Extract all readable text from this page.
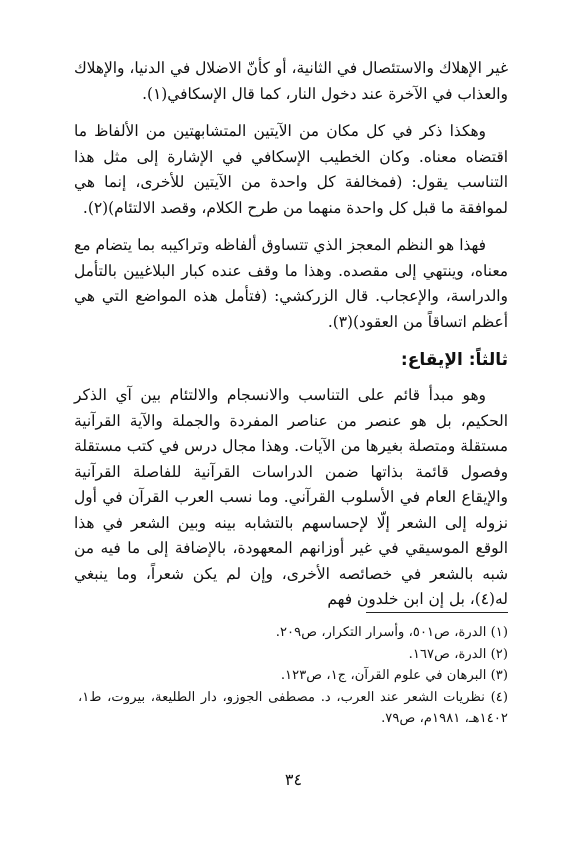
غير الإهلاك والاستئصال في الثانية، أو كأنّ الاضلال في الدنيا، والإهلاك والعذاب في الآخرة عند دخول النار، كما قال الإسكافي(١).

وهكذا ذكر في كل مكان من الآيتين المتشابهتين من الألفاظ ما اقتضاه معناه. وكان الخطيب الإسكافي في الإشارة إلى مثل هذا التناسب يقول: (فمخالفة كل واحدة من الآيتين للأخرى، إنما هي لموافقة ما قبل كل واحدة منهما من طرح الكلام، وقصد الالتئام)(٢).

فهذا هو النظم المعجز الذي تتساوق ألفاظه وتراكيبه بما يتضام مع معناه، وينتهي إلى مقصده. وهذا ما وقف عنده كبار البلاغيين بالتأمل والدراسة، والإعجاب. قال الزركشي: (فتأمل هذه المواضع التي هي أعظم اتساقاً من العقود)(٣).

ثالثاً: الإيقاع:

وهو مبدأ قائم على التناسب والانسجام والالتئام بين آي الذكر الحكيم، بل هو عنصر من عناصر المفردة والجملة والآية القرآنية مستقلة ومتصلة بغيرها من الآيات. وهذا مجال درس في كتب مستقلة وفصول قائمة بذاتها ضمن الدراسات القرآنية للفاصلة القرآنية والإيقاع العام في الأسلوب القرآني. وما نسب العرب القرآن في أول نزوله إلى الشعر إلّا لإحساسهم بالتشابه بينه وبين الشعر في هذا الوقع الموسيقي في غير أوزانهم المعهودة، بالإضافة إلى ما فيه من شبه بالشعر في خصائصه الأخرى، وإن لم يكن شعراً، وما ينبغي له(٤)، بل إن ابن خلدون فهم

(١) الدرة، ص٥٠١، وأسرار التكرار، ص٢٠٩.
(٢) الدرة، ص١٦٧.
(٣) البرهان في علوم القرآن، ج١، ص١٢٣.
(٤) نظريات الشعر عند العرب، د. مصطفى الجوزو، دار الطليعة، بيروت، ط١، ١٤٠٢هـ، ١٩٨١م، ص٧٩.
٣٤
